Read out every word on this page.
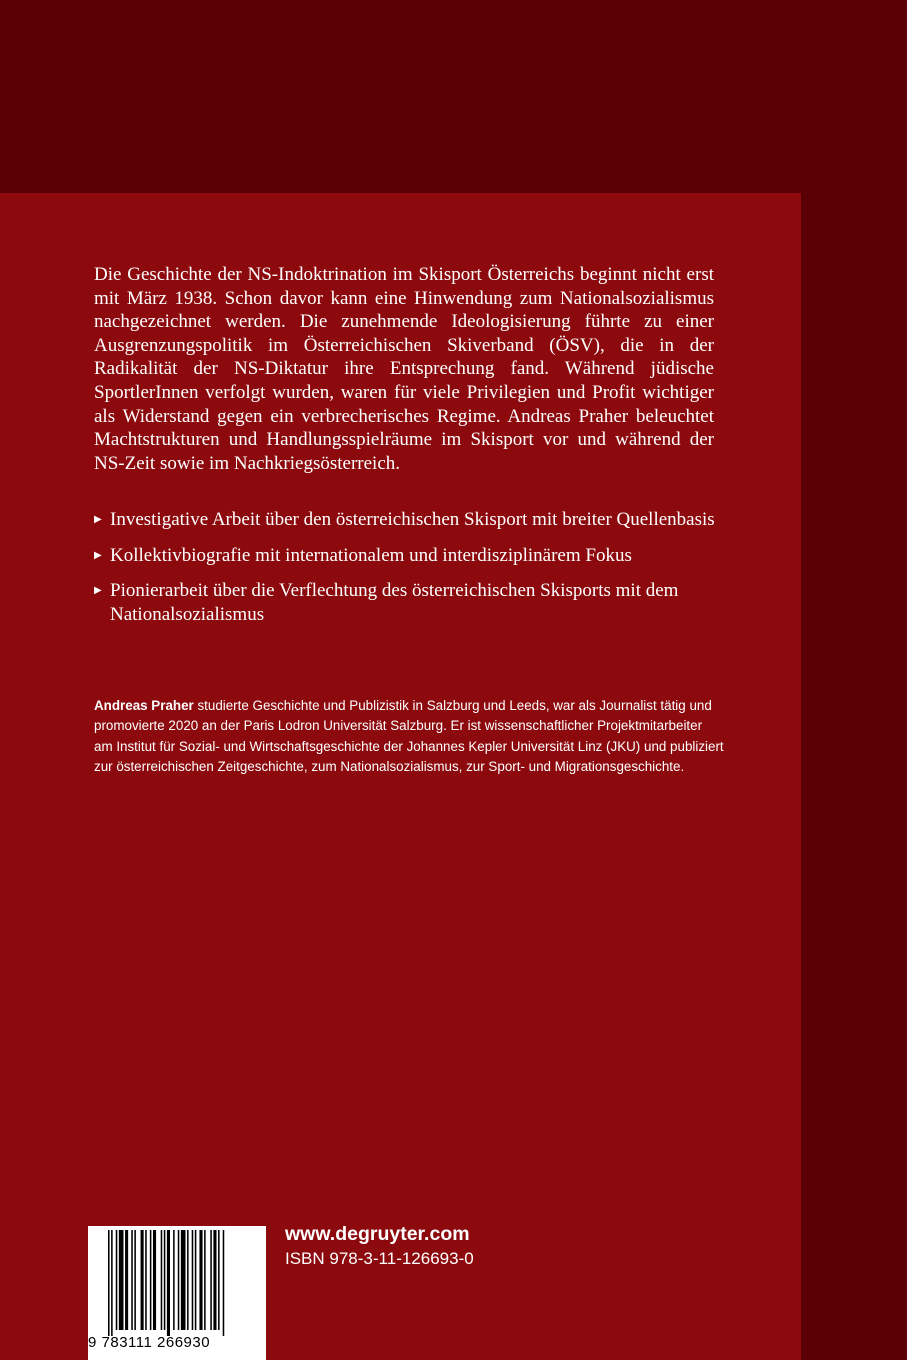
Die Geschichte der NS-Indoktrination im Skisport Österreichs beginnt nicht erst mit März 1938. Schon davor kann eine Hinwendung zum Nationalsozialismus nachgezeichnet werden. Die zunehmende Ideologisierung führte zu einer Ausgrenzungspolitik im Österreichischen Skiverband (ÖSV), die in der Radikalität der NS-Diktatur ihre Entsprechung fand. Während jüdische SportlerInnen verfolgt wurden, waren für viele Privilegien und Profit wichtiger als Widerstand gegen ein verbrecherisches Regime. Andreas Praher beleuchtet Machtstrukturen und Handlungsspielräume im Skisport vor und während der NS-Zeit sowie im Nachkriegsösterreich.

▶ Investigative Arbeit über den österreichischen Skisport mit breiter Quellenbasis
▶ Kollektivbiografie mit internationalem und interdisziplinärem Fokus
▶ Pionierarbeit über die Verflechtung des österreichischen Skisports mit dem Nationalsozialismus

Andreas Praher studierte Geschichte und Publizistik in Salzburg und Leeds, war als Journalist tätig und promovierte 2020 an der Paris Lodron Universität Salzburg. Er ist wissenschaftlicher Projektmitarbeiter am Institut für Sozial- und Wirtschaftsgeschichte der Johannes Kepler Universität Linz (JKU) und publiziert zur österreichischen Zeitgeschichte, zum Nationalsozialismus, zur Sport- und Migrationsgeschichte.

9 783111 266930
www.degruyter.com
ISBN 978-3-11-126693-0
